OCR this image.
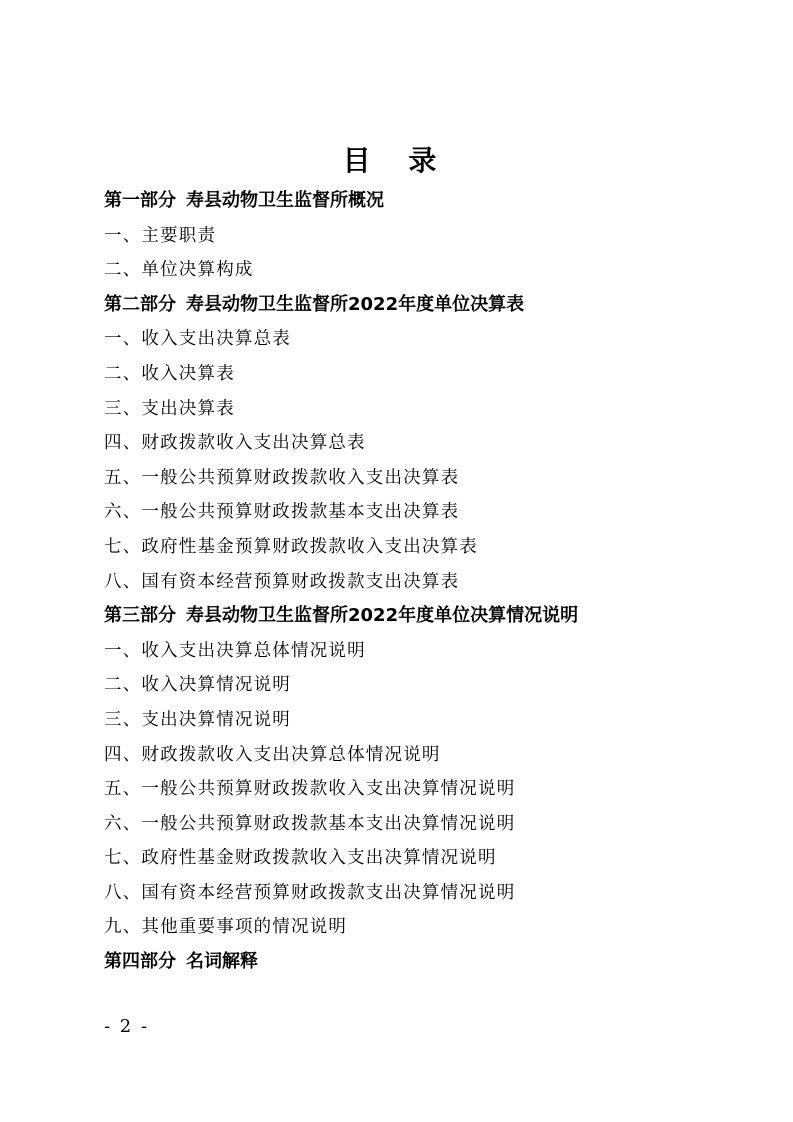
目 录
第一部分 寿县动物卫生监督所概况
一、主要职责
二、单位决算构成
第二部分 寿县动物卫生监督所2022年度单位决算表
一、收入支出决算总表
二、收入决算表
三、支出决算表
四、财政拨款收入支出决算总表
五、一般公共预算财政拨款收入支出决算表
六、一般公共预算财政拨款基本支出决算表
七、政府性基金预算财政拨款收入支出决算表
八、国有资本经营预算财政拨款支出决算表
第三部分 寿县动物卫生监督所2022年度单位决算情况说明
一、收入支出决算总体情况说明
二、收入决算情况说明
三、支出决算情况说明
四、财政拨款收入支出决算总体情况说明
五、一般公共预算财政拨款收入支出决算情况说明
六、一般公共预算财政拨款基本支出决算情况说明
七、政府性基金财政拨款收入支出决算情况说明
八、国有资本经营预算财政拨款支出决算情况说明
九、其他重要事项的情况说明
第四部分 名词解释
- 2 -
